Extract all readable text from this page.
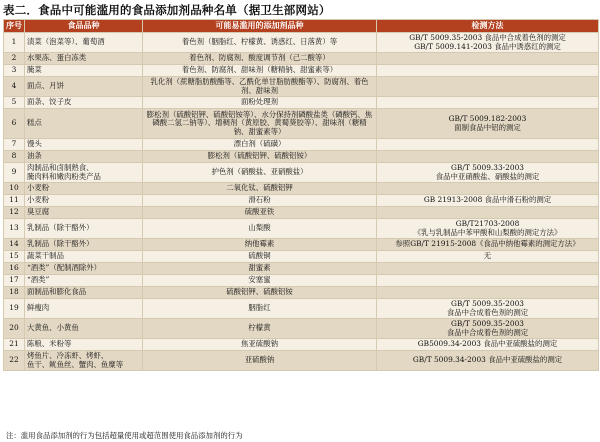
表二．食品中可能滥用的食品添加剂品种名单（据卫生部网站）
序号	食品品种	可能易滥用的添加剂品种	检测方法
1	渍菜（泡菜等）、葡萄酒	着色剂（胭脂红、柠檬黄、诱惑红、日落黄）等	GB/T 5009.35-2003 食品中合成着色剂的测定
GB/T 5009.141-2003 食品中诱惑红的测定

2	水果冻、蛋白冻类	着色剂、防腐剂、酸度调节剂（己二酸等）	

3	腌菜	着色剂、防腐剂、甜味剂（糖精钠、甜蜜素等）	

4	面点、月饼	乳化剂（蔗糖脂肪酸酯等、乙酰化单甘脂肪酸酯等）、防腐剂、着色剂、甜味剂	

5	面条、饺子皮	面粉处理剂	

6	糕点	膨松剂（硫酸铝钾、硫酸铝铵等）、水分保持剂磷酸盐类（磷酸钙、焦磷酸二氢二钠等）、增稠剂（黄原胶、黄蜀葵胶等）、甜味剂（糖精钠、甜蜜素等）	GB/T 5009.182-2003
面制食品中铝的测定

7	馒头	漂白剂（硫磺）	

8	油条	膨松剂（硫酸铝钾、硫酸铝铵）	

9	肉制品和卤制熟食、
腌肉料和嫩肉粉类产品	护色剂（硝酸盐、亚硝酸盐）	GB/T 5009.33-2003
食品中亚硝酸盐、硝酸盐的测定

10	小麦粉	二氧化钛、硫酸铝钾	

11	小麦粉	滑石粉	GB 21913-2008 食品中滑石粉的测定

12	臭豆腐	硫酸亚铁	

13	乳制品（除干酪外）	山梨酸	GB/T21703-2008
《乳与乳制品中苯甲酸和山梨酸的测定方法》

14	乳制品（除干酪外）	纳他霉素	参照GB/T 21915-2008《食品中纳他霉素的测定方法》

15	蔬菜干制品	硫酸铜	无

16	“酒类”（配制酒除外）	甜蜜素	

17	“酒类”	安塞蜜	

18	面制品和膨化食品	硫酸铝钾、硫酸铝铵	

19	鲜瘦肉	胭脂红	GB/T 5009.35-2003
食品中合成着色剂的测定

20	大黄鱼、小黄鱼	柠檬黄	GB/T 5009.35-2003
食品中合成着色剂的测定

21	陈粮、米粉等	焦亚硫酸钠	GB5009.34-2003 食品中亚硫酸盐的测定

22	烤鱼片、冷冻虾、烤虾、
鱼干、鱿鱼丝、蟹肉、鱼糜等	亚硫酸钠	GB/T 5009.34-2003 食品中亚硫酸盐的测定
注：滥用食品添加剂的行为包括超量使用或超范围使用食品添加剂的行为
